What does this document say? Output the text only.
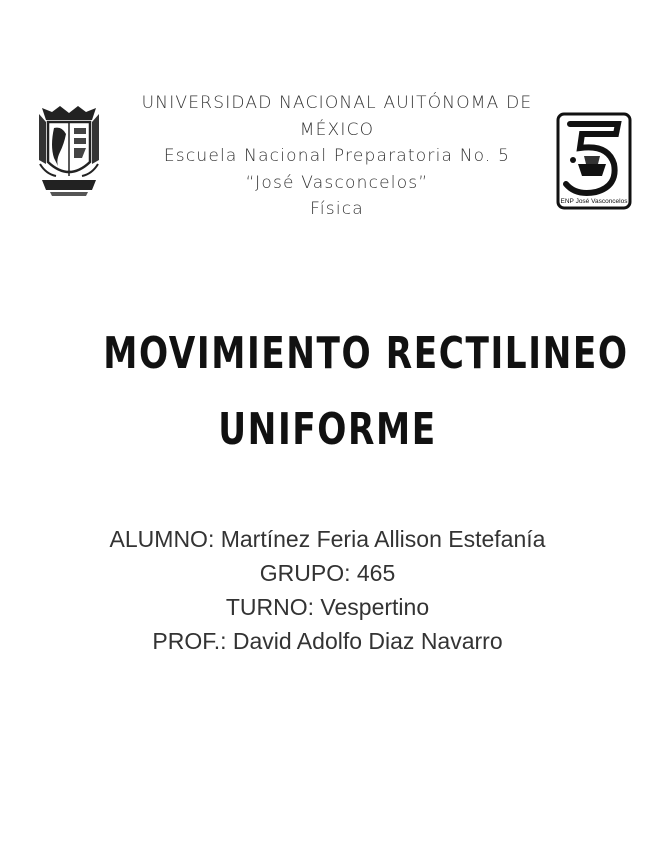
ENP José Vasconcelos
UNIVERSIDAD NACIONAL AUITÓNOMA DE
MÉXICO
Escuela Nacional Preparatoria No. 5
“José Vasconcelos”
Física
MOVIMIENTO RECTILINEO
UNIFORME
ALUMNO: Martínez Feria Allison Estefanía
GRUPO: 465
TURNO: Vespertino
PROF.: David Adolfo Diaz Navarro
